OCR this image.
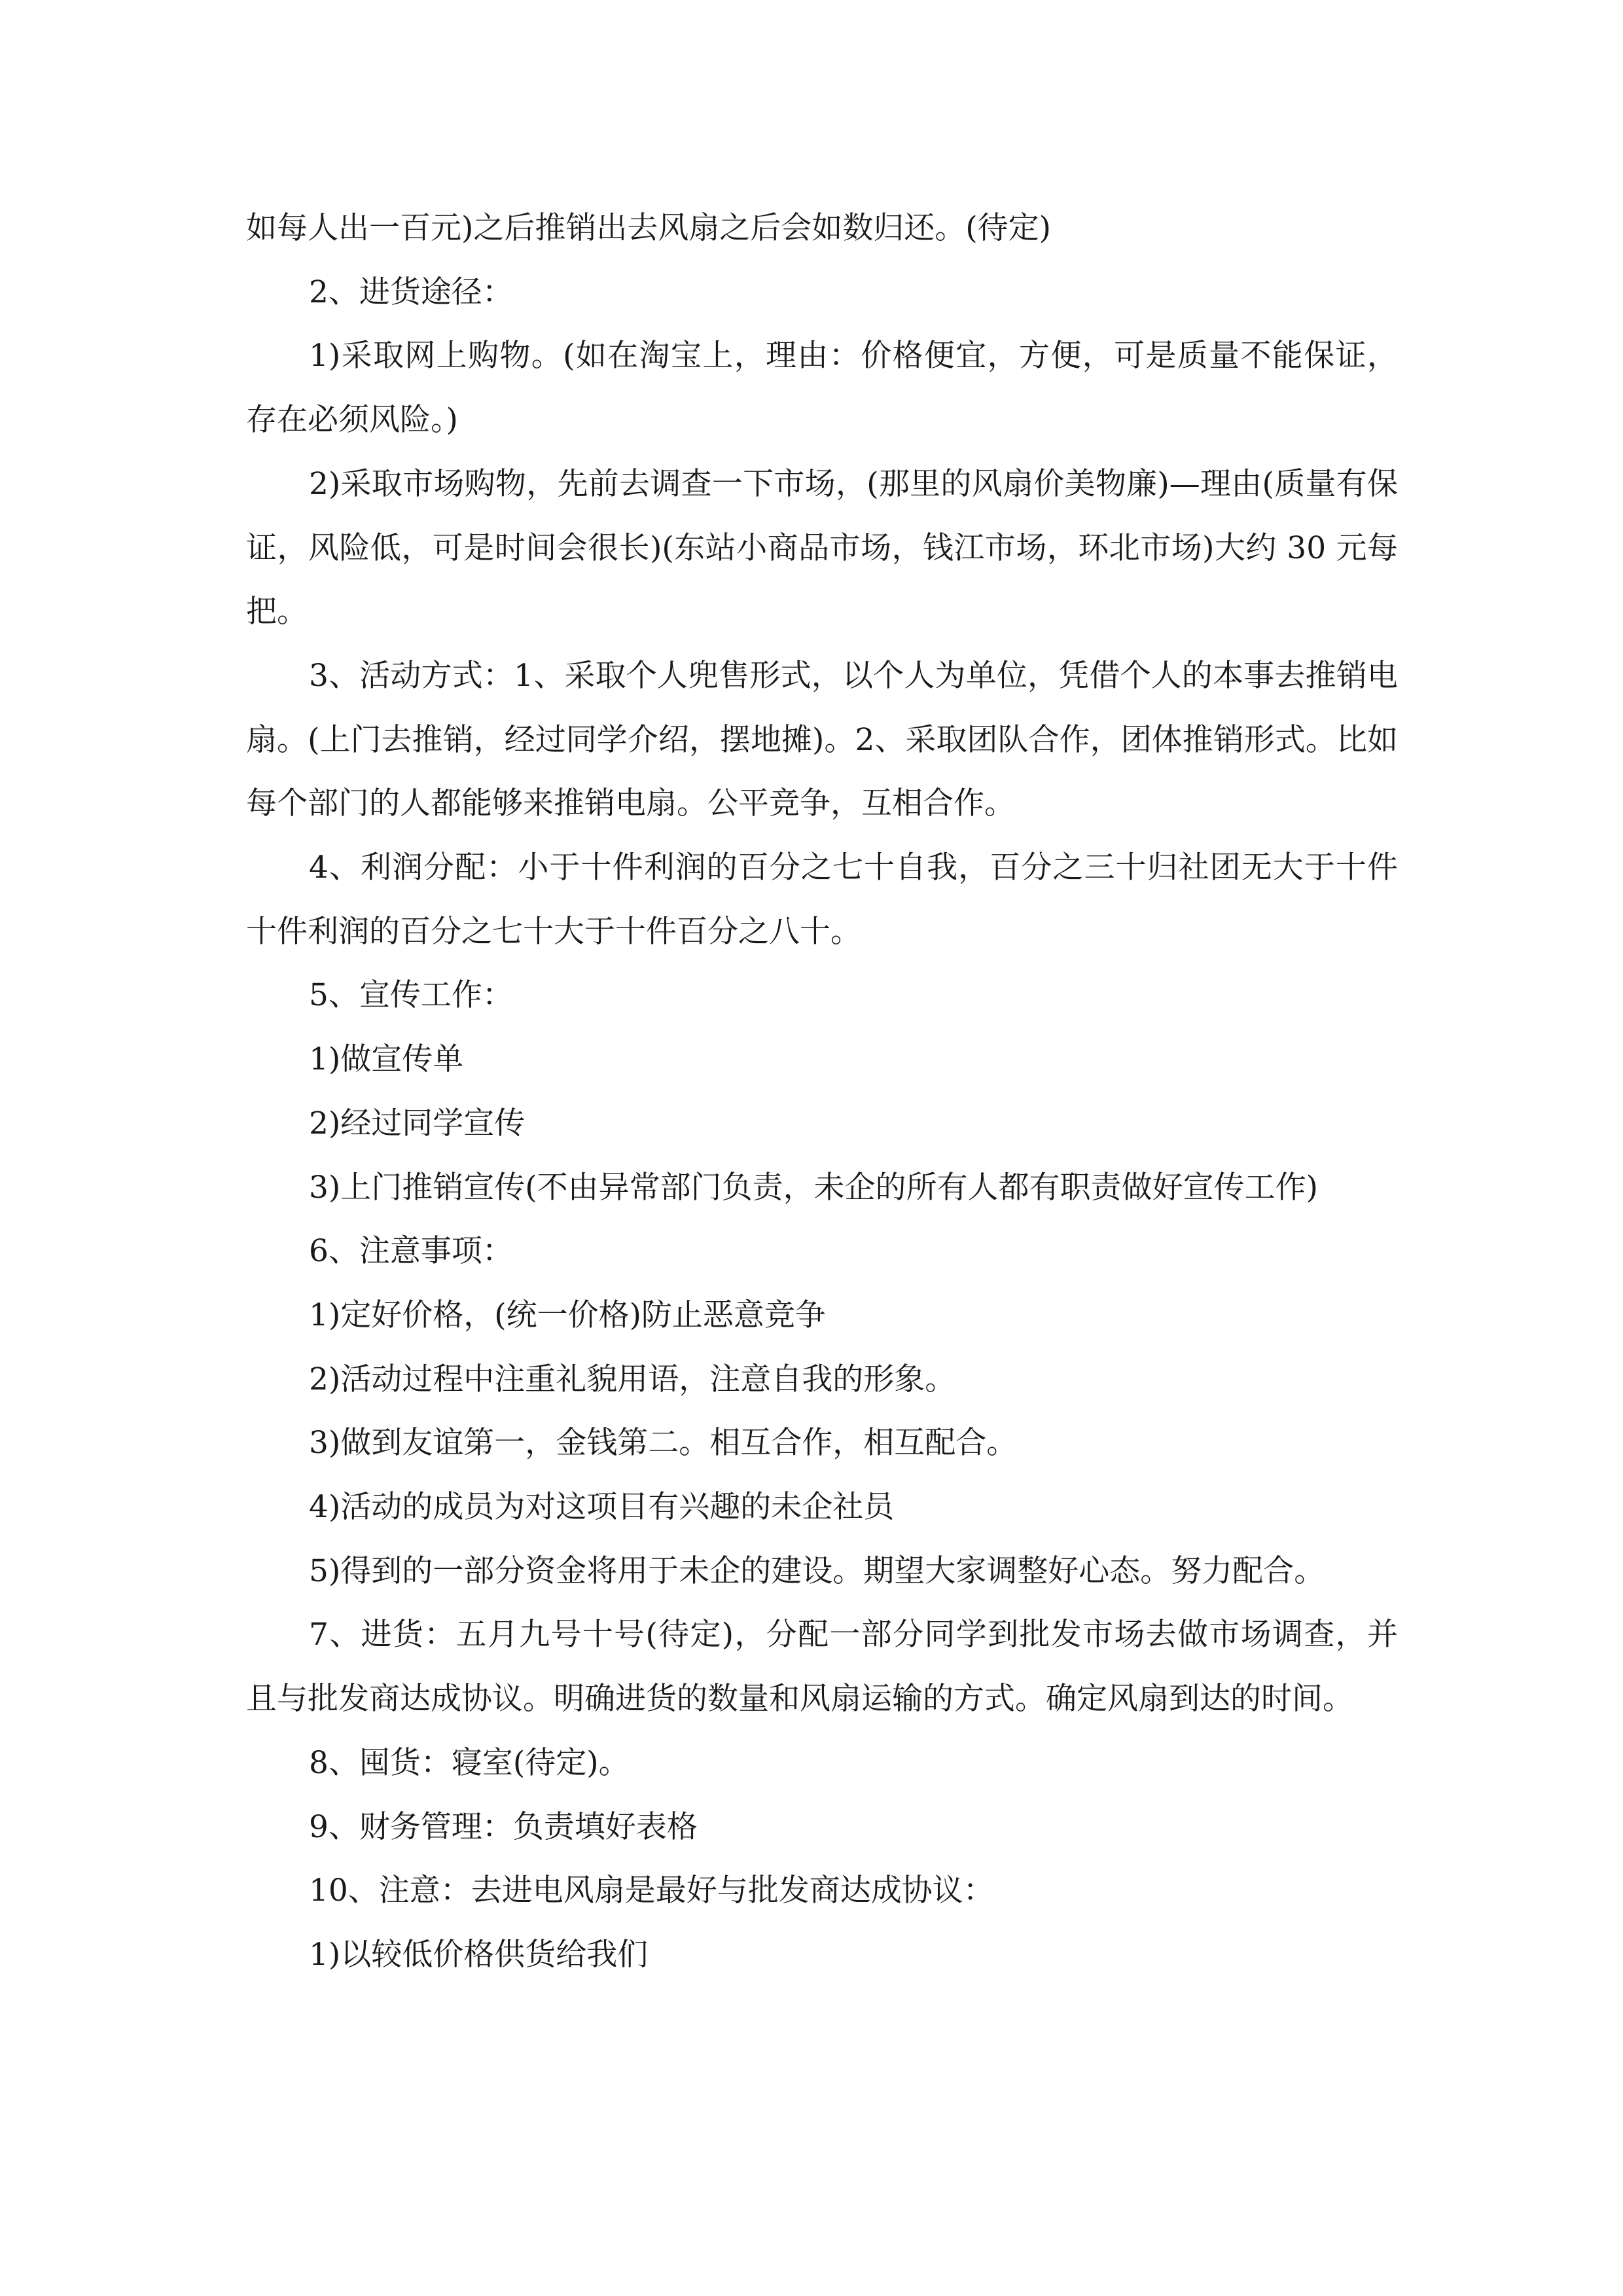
如每人出一百元)之后推销出去风扇之后会如数归还。(待定)

2、进货途径：

1)采取网上购物。(如在淘宝上，理由：价格便宜，方便，可是质量不能保证，存在必须风险。)

2)采取市场购物，先前去调查一下市场，(那里的风扇价美物廉)—理由(质量有保证，风险低，可是时间会很长)(东站小商品市场，钱江市场，环北市场)大约 30 元每把。

3、活动方式：1、采取个人兜售形式，以个人为单位，凭借个人的本事去推销电扇。(上门去推销，经过同学介绍，摆地摊)。2、采取团队合作，团体推销形式。比如每个部门的人都能够来推销电扇。公平竞争，互相合作。

4、利润分配：小于十件利润的百分之七十自我，百分之三十归社团无大于十件十件利润的百分之七十大于十件百分之八十。

5、宣传工作：

1)做宣传单

2)经过同学宣传

3)上门推销宣传(不由异常部门负责，未企的所有人都有职责做好宣传工作)

6、注意事项：

1)定好价格，(统一价格)防止恶意竞争

2)活动过程中注重礼貌用语，注意自我的形象。

3)做到友谊第一，金钱第二。相互合作，相互配合。

4)活动的成员为对这项目有兴趣的未企社员

5)得到的一部分资金将用于未企的建设。期望大家调整好心态。努力配合。

7、进货：五月九号十号(待定)，分配一部分同学到批发市场去做市场调查，并且与批发商达成协议。明确进货的数量和风扇运输的方式。确定风扇到达的时间。

8、囤货：寝室(待定)。

9、财务管理：负责填好表格

10、注意：去进电风扇是最好与批发商达成协议：

1)以较低价格供货给我们
